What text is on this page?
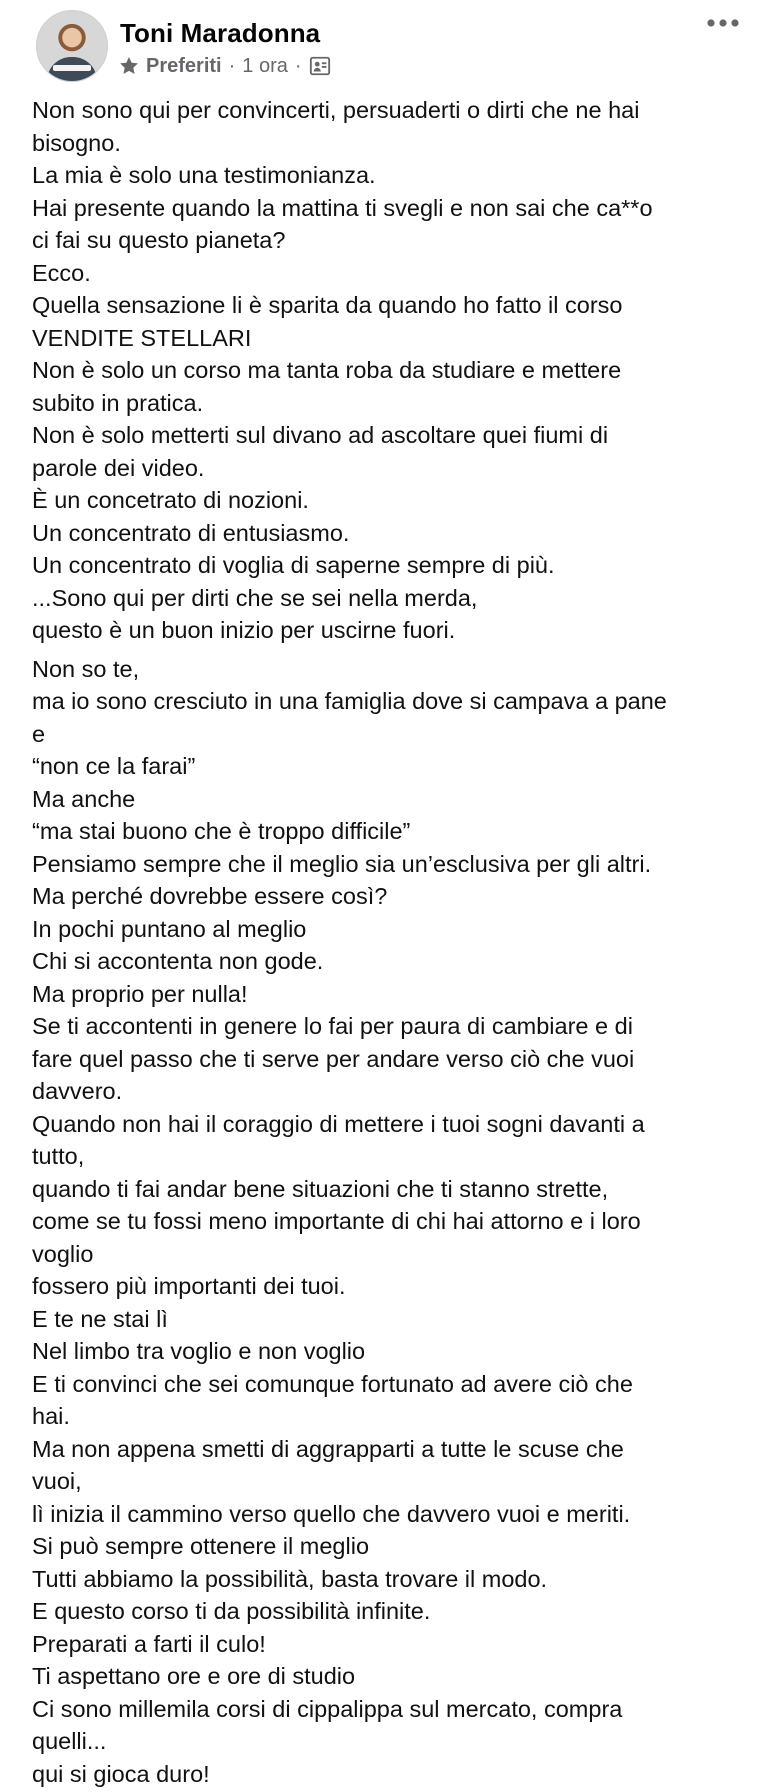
Toni Maradonna
Preferiti · 1 ora ·
Non sono qui per convincerti, persuaderti o dirti che ne hai
bisogno.
La mia è solo una testimonianza.
Hai presente quando la mattina ti svegli e non sai che ca**o
ci fai su questo pianeta?
Ecco.
Quella sensazione li è sparita da quando ho fatto il corso
VENDITE STELLARI
Non è solo un corso ma tanta roba da studiare e mettere
subito in pratica.
Non è solo metterti sul divano ad ascoltare quei fiumi di
parole dei video.
È un concetrato di nozioni.
Un concentrato di entusiasmo.
Un concentrato di voglia di saperne sempre di più.
...Sono qui per dirti che se sei nella merda,
questo è un buon inizio per uscirne fuori.
Non so te,
ma io sono cresciuto in una famiglia dove si campava a pane
e
“non ce la farai”
Ma anche
“ma stai buono che è troppo difficile”
Pensiamo sempre che il meglio sia un’esclusiva per gli altri.
Ma perché dovrebbe essere così?
In pochi puntano al meglio
Chi si accontenta non gode.
Ma proprio per nulla!
Se ti accontenti in genere lo fai per paura di cambiare e di
fare quel passo che ti serve per andare verso ciò che vuoi
davvero.
Quando non hai il coraggio di mettere i tuoi sogni davanti a
tutto,
quando ti fai andar bene situazioni che ti stanno strette,
come se tu fossi meno importante di chi hai attorno e i loro
voglio
fossero più importanti dei tuoi.
E te ne stai lì
Nel limbo tra voglio e non voglio
E ti convinci che sei comunque fortunato ad avere ciò che
hai.
Ma non appena smetti di aggrapparti a tutte le scuse che
vuoi,
lì inizia il cammino verso quello che davvero vuoi e meriti.
Si può sempre ottenere il meglio
Tutti abbiamo la possibilità, basta trovare il modo.
E questo corso ti da possibilità infinite.
Preparati a farti il culo!
Ti aspettano ore e ore di studio
Ci sono millemila corsi di cippalippa sul mercato, compra
quelli...
qui si gioca duro!
